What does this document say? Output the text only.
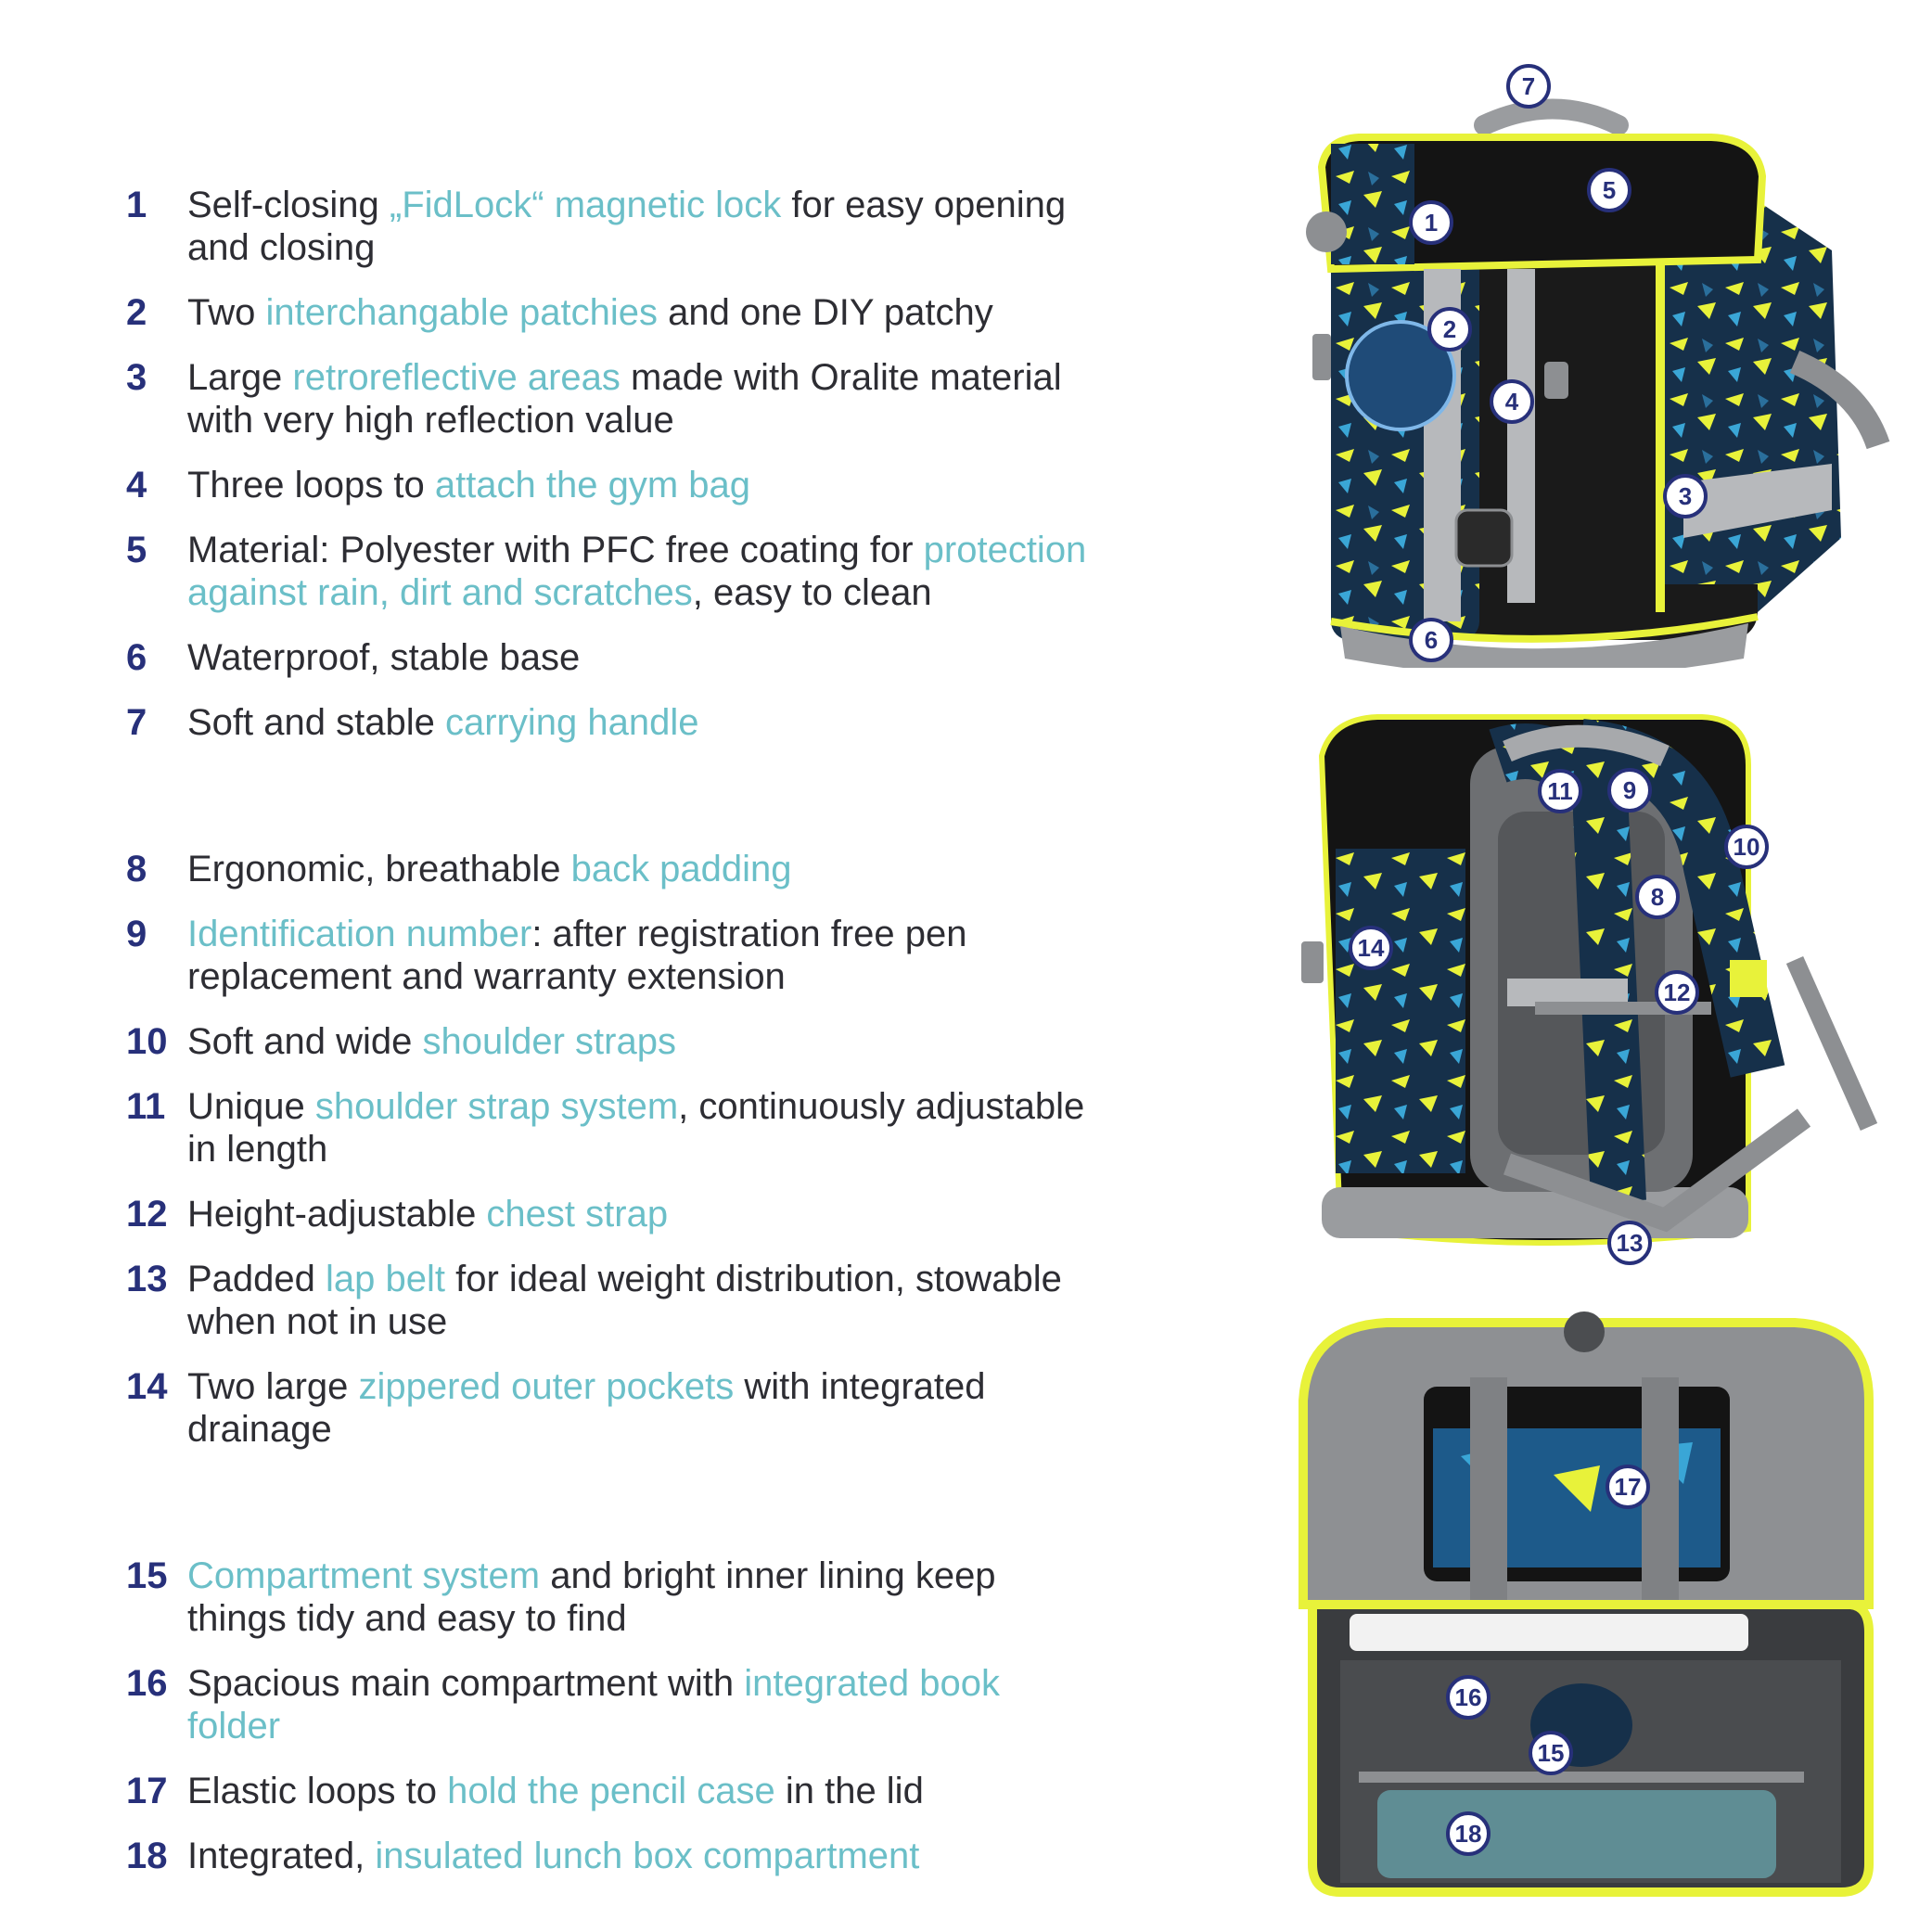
1	Self-closing „FidLock“ magnetic lock for easy opening and closing
2	Two interchangable patchies and one DIY patchy
3	Large retroreflective areas made with Oralite material with very high reflection value
4	Three loops to attach the gym bag
5	Material: Polyester with PFC free coating for protection against rain, dirt and scratches, easy to clean
6	Waterproof, stable base
7	Soft and stable carrying handle
8	Ergonomic, breathable back padding
9	Identification number: after registration free pen replacement and warranty extension
10 Soft and wide shoulder straps
11 Unique shoulder strap system, continuously adjustable in length
12 Height-adjustable chest strap
13 Padded lap belt for ideal weight distribution, stowable when not in use
14 Two large zippered outer pockets with integrated drainage
15 Compartment system and bright inner lining keep things tidy and easy to find
16 Spacious main compartment with integrated book folder
17 Elastic loops to hold the pencil case in the lid
18 Integrated, insulated lunch box compartment
1
2
3
4
5
6
7
8
9
10
11
12
13
14
15
16
17
18
